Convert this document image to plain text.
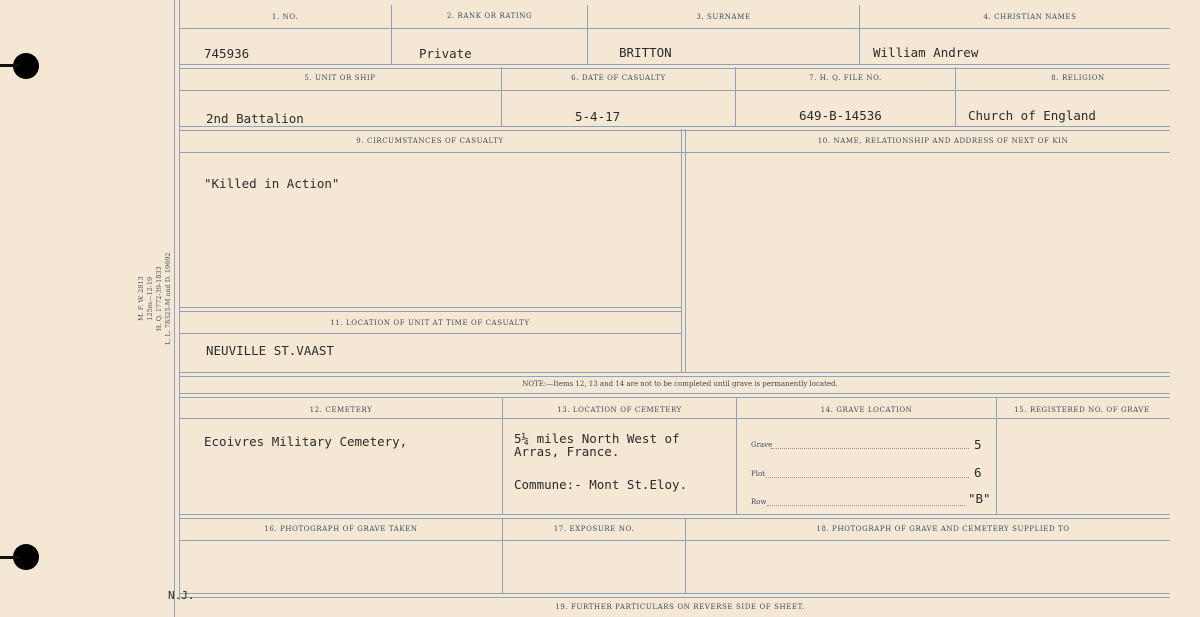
M. F. W. 2813 125m—12-19 H. Q. 1772-39-1833 L. L. 78325-M and D. 19692
1. NO.	2. RANK OR RATING	3. SURNAME	4. CHRISTIAN NAMES
745936	Private	BRITTON	William Andrew
5. UNIT OR SHIP	6. DATE OF CASUALTY	7. H. Q. FILE NO.	8. RELIGION
2nd Battalion	5-4-17	649-B-14536	Church of England
9. CIRCUMSTANCES OF CASUALTY	10. NAME, RELATIONSHIP AND ADDRESS OF NEXT OF KIN
"Killed in Action"
11. LOCATION OF UNIT AT TIME OF CASUALTY
NEUVILLE ST.VAAST
NOTE:—Items 12, 13 and 14 are not to be completed until grave is permanently located.
12. CEMETERY	13. LOCATION OF CEMETERY	14. GRAVE LOCATION	15. REGISTERED NO. OF GRAVE
Ecoivres Military Cemetery,	5¼ miles North West of
Arras, France.
Commune:- Mont St.Eloy.
Grave	5
Plot	6
Row	"B"
16. PHOTOGRAPH OF GRAVE TAKEN	17. EXPOSURE NO.	18. PHOTOGRAPH OF GRAVE AND CEMETERY SUPPLIED TO
19. FURTHER PARTICULARS ON REVERSE SIDE OF SHEET.
N.J.
